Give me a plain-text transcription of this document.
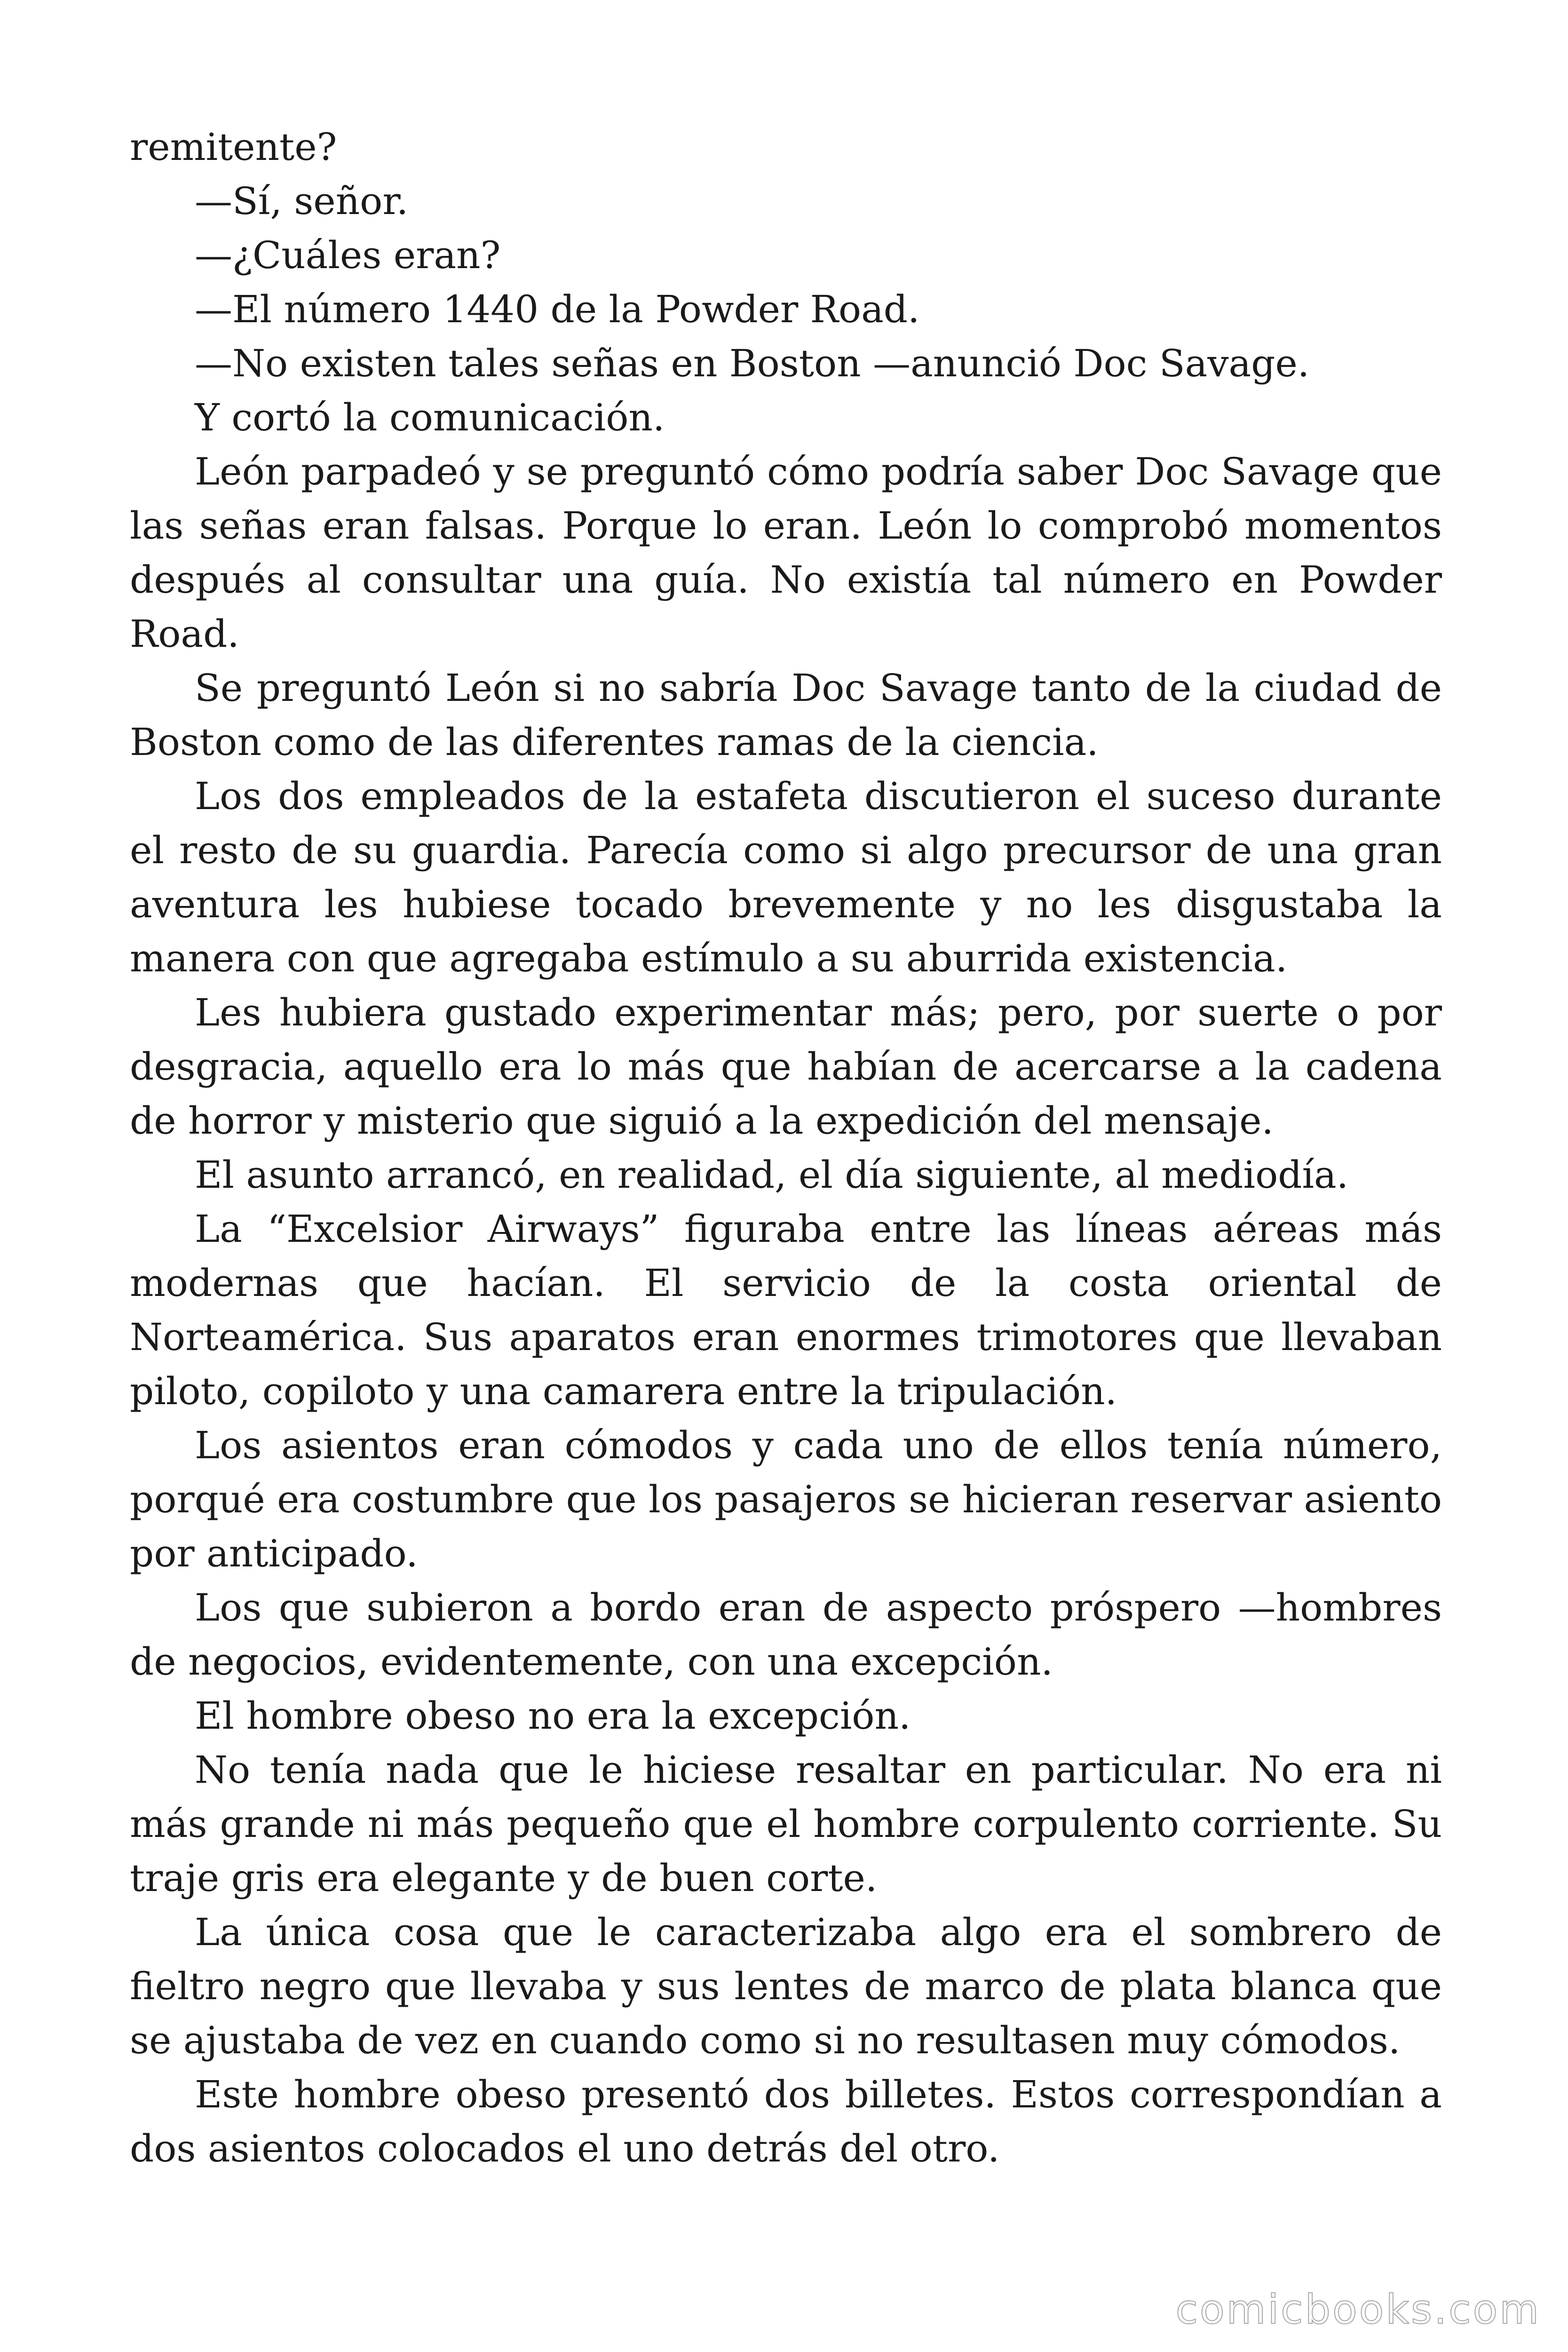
remitente?

—Sí, señor.

—¿Cuáles eran?

—El número 1440 de la Powder Road.

—No existen tales señas en Boston —anunció Doc Savage.

Y cortó la comunicación.

León parpadeó y se preguntó cómo podría saber Doc Savage que las señas eran falsas. Porque lo eran. León lo comprobó momentos después al consultar una guía. No existía tal número en Powder Road.

Se preguntó León si no sabría Doc Savage tanto de la ciudad de Boston como de las diferentes ramas de la ciencia.

Los dos empleados de la estafeta discutieron el suceso durante el resto de su guardia. Parecía como si algo precursor de una gran aventura les hubiese tocado brevemente y no les disgustaba la manera con que agregaba estímulo a su aburrida existencia.

Les hubiera gustado experimentar más; pero, por suerte o por desgracia, aquello era lo más que habían de acercarse a la cadena de horror y misterio que siguió a la expedición del mensaje.

El asunto arrancó, en realidad, el día siguiente, al mediodía.

La “Excelsior Airways” figuraba entre las líneas aéreas más modernas que hacían. El servicio de la costa oriental de Norteamérica. Sus aparatos eran enormes trimotores que llevaban piloto, copiloto y una camarera entre la tripulación.

Los asientos eran cómodos y cada uno de ellos tenía número, porqué era costumbre que los pasajeros se hicieran reservar asiento por anticipado.

Los que subieron a bordo eran de aspecto próspero —hombres de negocios, evidentemente, con una excepción.

El hombre obeso no era la excepción.

No tenía nada que le hiciese resaltar en particular. No era ni más grande ni más pequeño que el hombre corpulento corriente. Su traje gris era elegante y de buen corte.

La única cosa que le caracterizaba algo era el sombrero de fieltro negro que llevaba y sus lentes de marco de plata blanca que se ajustaba de vez en cuando como si no resultasen muy cómodos.

Este hombre obeso presentó dos billetes. Estos correspondían a dos asientos colocados el uno detrás del otro.

comicbooks.com
